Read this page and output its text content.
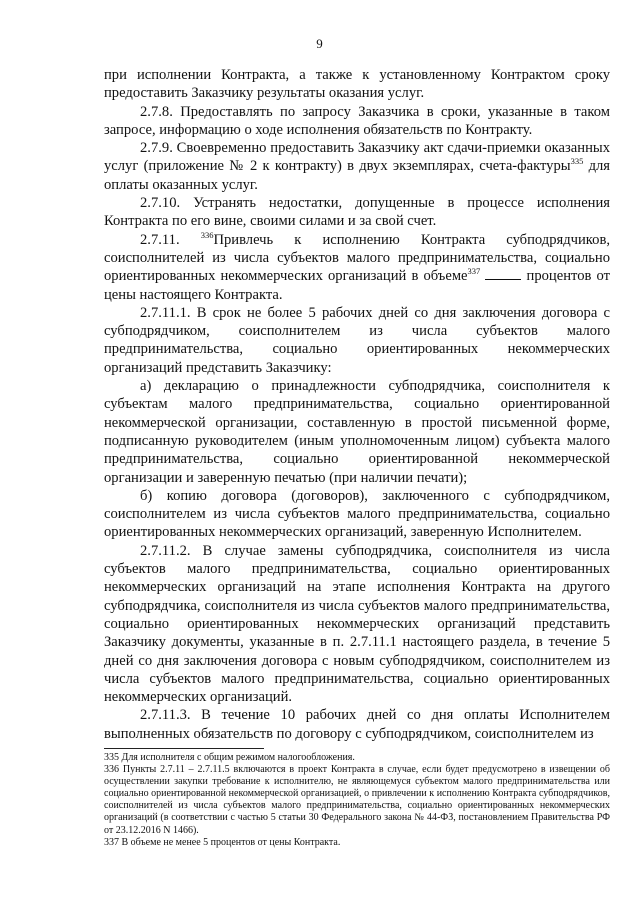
9

при исполнении Контракта, а также к установленному Контрактом сроку предоставить Заказчику результаты оказания услуг.

2.7.8. Предоставлять по запросу Заказчика в сроки, указанные в таком запросе, информацию о ходе исполнения обязательств по Контракту.

2.7.9. Своевременно предоставить Заказчику акт сдачи-приемки оказанных услуг (приложение № 2 к контракту) в двух экземплярах, счета-фактуры$^{335}$ для оплаты оказанных услуг.

2.7.10. Устранять недостатки, допущенные в процессе исполнения Контракта по его вине, своими силами и за свой счет.

2.7.11. $^{336}$Привлечь к исполнению Контракта субподрядчиков, соисполнителей из числа субъектов малого предпринимательства, социально ориентированных некоммерческих организаций в объеме$^{337}$	процентов от цены настоящего Контракта.

2.7.11.1. В срок не более 5 рабочих дней со дня заключения договора с субподрядчиком, соисполнителем из числа субъектов малого предпринимательства, социально ориентированных некоммерческих организаций представить Заказчику:

а) декларацию о принадлежности субподрядчика, соисполнителя к субъектам малого предпринимательства, социально ориентированной некоммерческой организации, составленную в простой письменной форме, подписанную руководителем (иным уполномоченным лицом) субъекта малого предпринимательства, социально ориентированной некоммерческой организации и заверенную печатью (при наличии печати);

б) копию договора (договоров), заключенного с субподрядчиком, соисполнителем из числа субъектов малого предпринимательства, социально ориентированных некоммерческих организаций, заверенную Исполнителем.

2.7.11.2. В случае замены субподрядчика, соисполнителя из числа субъектов малого предпринимательства, социально ориентированных некоммерческих организаций на этапе исполнения Контракта на другого субподрядчика, соисполнителя из числа субъектов малого предпринимательства, социально ориентированных некоммерческих организаций представить Заказчику документы, указанные в п. 2.7.11.1 настоящего раздела, в течение 5 дней со дня заключения договора с новым субподрядчиком, соисполнителем из числа субъектов малого предпринимательства, социально ориентированных некоммерческих организаций.

2.7.11.3. В течение 10 рабочих дней со дня оплаты Исполнителем выполненных обязательств по договору с субподрядчиком, соисполнителем из

335 Для исполнителя с общим режимом налогообложения.

336 Пункты 2.7.11 – 2.7.11.5 включаются в проект Контракта в случае, если будет предусмотрено в извещении об осуществлении закупки требование к исполнителю, не являющемуся субъектом малого предпринимательства или социально ориентированной некоммерческой организацией, о привлечении к исполнению Контракта субподрядчиков, соисполнителей из числа субъектов малого предпринимательства, социально ориентированных некоммерческих организаций (в соответствии с частью 5 статьи 30 Федерального закона № 44-ФЗ, постановлением Правительства РФ от 23.12.2016 N 1466).

337 В объеме не менее 5 процентов от цены Контракта.
